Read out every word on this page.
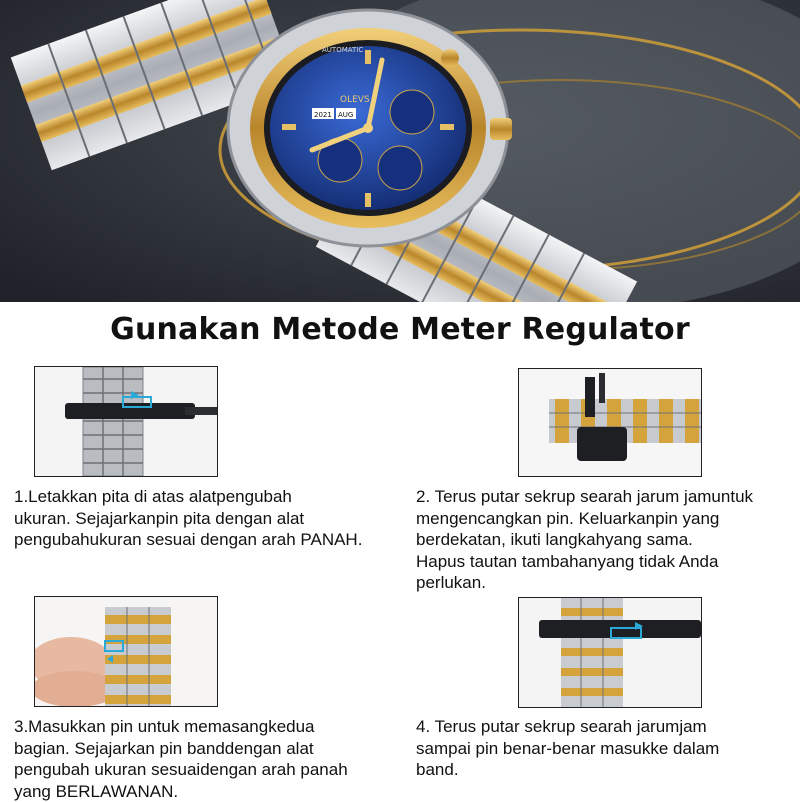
OLEVS
2021 AUG
AUTOMATIC
Gunakan Metode Meter Regulator
1.Letakkan pita di atas alatpengubah
ukuran. Sejajarkanpin pita dengan alat
pengubahukuran sesuai dengan arah PANAH.
2. Terus putar sekrup searah jarum jamuntuk
mengencangkan pin. Keluarkanpin yang
berdekatan, ikuti langkahyang sama.
Hapus tautan tambahanyang tidak Anda
perlukan.
3.Masukkan pin untuk memasangkedua
bagian. Sejajarkan pin banddengan alat
pengubah ukuran sesuaidengan arah panah
yang BERLAWANAN.
4. Terus putar sekrup searah jarumjam
sampai pin benar-benar masukke dalam
band.
